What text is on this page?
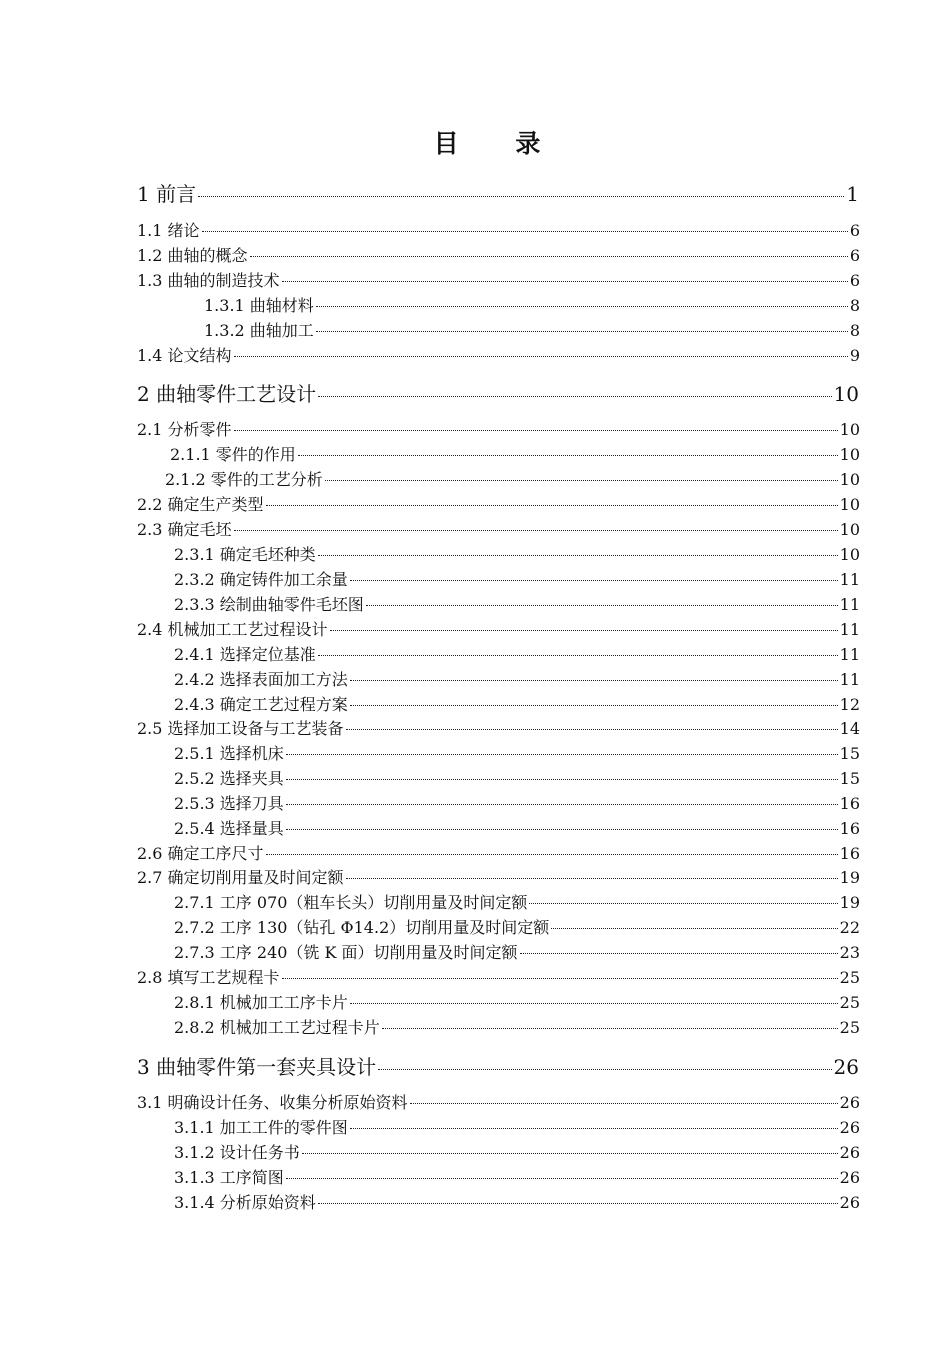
目 录
1 前言	1
1.1 绪论	6
1.2 曲轴的概念	6
1.3 曲轴的制造技术	6
1.3.1 曲轴材料	8
1.3.2 曲轴加工	8
1.4 论文结构	9
2 曲轴零件工艺设计	10
2.1 分析零件	10
2.1.1 零件的作用	10
2.1.2 零件的工艺分析	10
2.2 确定生产类型	10
2.3 确定毛坯	10
2.3.1 确定毛坯种类	10
2.3.2 确定铸件加工余量	11
2.3.3 绘制曲轴零件毛坯图	11
2.4 机械加工工艺过程设计	11
2.4.1 选择定位基准	11
2.4.2 选择表面加工方法	11
2.4.3 确定工艺过程方案	12
2.5 选择加工设备与工艺装备	14
2.5.1 选择机床	15
2.5.2 选择夹具	15
2.5.3 选择刀具	16
2.5.4 选择量具	16
2.6 确定工序尺寸	16
2.7 确定切削用量及时间定额	19
2.7.1 工序 070（粗车长头）切削用量及时间定额	19
2.7.2 工序 130（钻孔 Φ14.2）切削用量及时间定额	22
2.7.3 工序 240（铣 K 面）切削用量及时间定额	23
2.8 填写工艺规程卡	25
2.8.1 机械加工工序卡片	25
2.8.2 机械加工工艺过程卡片	25
3 曲轴零件第一套夹具设计	26
3.1 明确设计任务、收集分析原始资料	26
3.1.1 加工工件的零件图	26
3.1.2 设计任务书	26
3.1.3 工序简图	26
3.1.4 分析原始资料	26
